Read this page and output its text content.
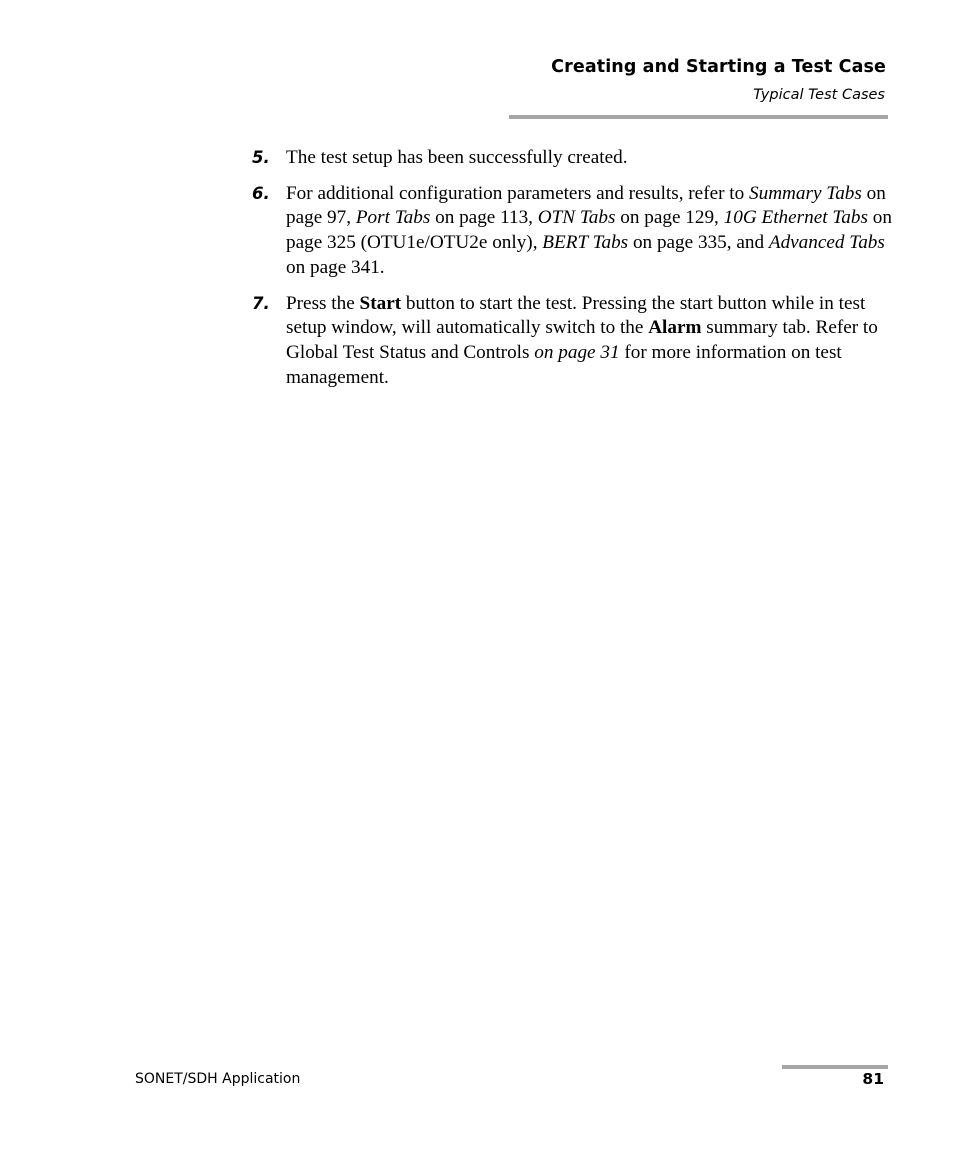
Creating and Starting a Test Case
Typical Test Cases
5. The test setup has been successfully created.
6. For additional configuration parameters and results, refer to Summary Tabs on page 97, Port Tabs on page 113, OTN Tabs on page 129, 10G Ethernet Tabs on page 325 (OTU1e/OTU2e only), BERT Tabs on page 335, and Advanced Tabs on page 341.
7. Press the Start button to start the test. Pressing the start button while in test setup window, will automatically switch to the Alarm summary tab. Refer to Global Test Status and Controls on page 31 for more information on test management.
SONET/SDH Application	81
